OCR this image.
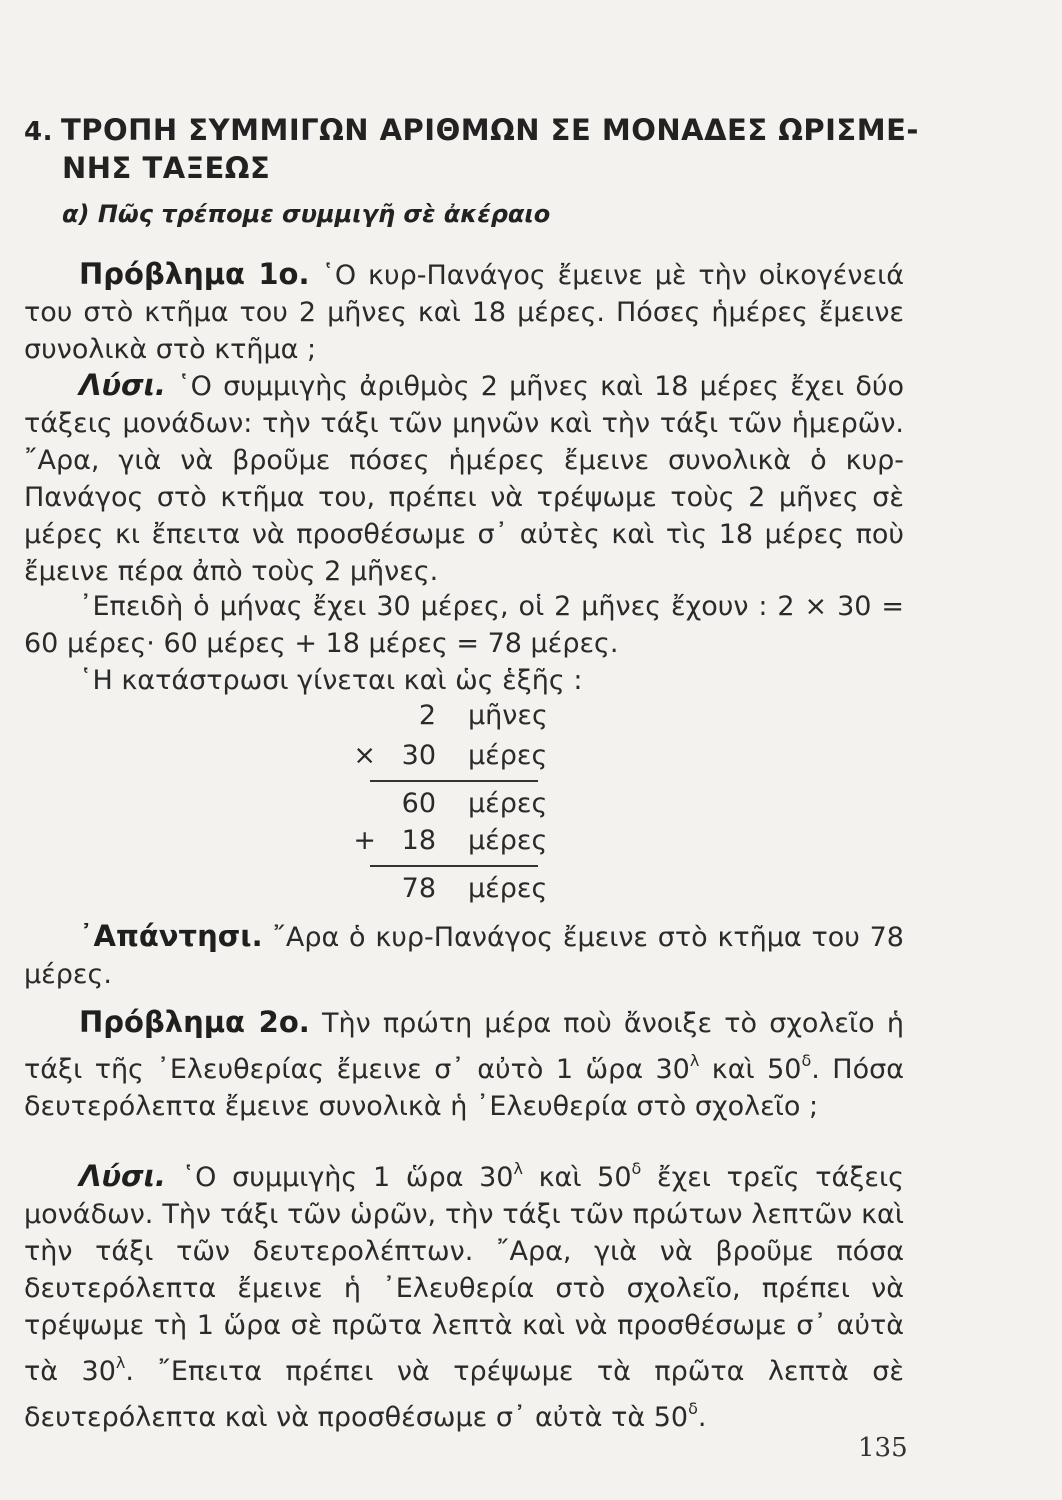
4. ΤΡΟΠΗ ΣΥΜΜΙΓΩΝ ΑΡΙΘΜΩΝ ΣΕ ΜΟΝΑΔΕΣ ΩΡΙΣΜΕ-
ΝΗΣ ΤΑΞΕΩΣ
α) Πῶς τρέπομε συμμιγῆ σὲ ἀκέραιο
Πρόβλημα 1ο. ῾Ο κυρ-Πανάγος ἔμεινε μὲ τὴν οἰκογένειά του στὸ κτῆμα του 2 μῆνες καὶ 18 μέρες. Πόσες ἡμέρες ἔμεινε συνολικὰ στὸ κτῆμα ;
Λύσι. ῾Ο συμμιγὴς ἀριθμὸς 2 μῆνες καὶ 18 μέρες ἔχει δύο τάξεις μονάδων: τὴν τάξι τῶν μηνῶν καὶ τὴν τάξι τῶν ἡμερῶν. ῎Αρα, γιὰ νὰ βροῦμε πόσες ἡμέρες ἔμεινε συνολικὰ ὁ κυρ-Πανάγος στὸ κτῆμα του, πρέπει νὰ τρέψωμε τοὺς 2 μῆνες σὲ μέρες κι ἔπειτα νὰ προσθέσωμε σ᾿ αὐτὲς καὶ τὶς 18 μέρες ποὺ ἔμεινε πέρα ἀπὸ τοὺς 2 μῆνες.
᾿Επειδὴ ὁ μήνας ἔχει 30 μέρες, οἱ 2 μῆνες ἔχουν : 2 × 30 = 60 μέρες· 60 μέρες + 18 μέρες = 78 μέρες.
῾Η κατάστρωσι γίνεται καὶ ὡς ἑξῆς :
2 μῆνες
× 30 μέρες
60 μέρες
+ 18 μέρες
78 μέρες
᾿Απάντησι. ῎Αρα ὁ κυρ-Πανάγος ἔμεινε στὸ κτῆμα του 78 μέρες.
Πρόβλημα 2ο. Τὴν πρώτη μέρα ποὺ ἄνοιξε τὸ σχολεῖο ἡ τάξι τῆς ᾿Ελευθερίας ἔμεινε σ᾿ αὐτὸ 1 ὥρα $30^\lambda$ καὶ $50^\delta$. Πόσα δευτερόλεπτα ἔμεινε συνολικὰ ἡ ᾿Ελευθερία στὸ σχολεῖο ;
Λύσι. ῾Ο συμμιγὴς 1 ὥρα $30^\lambda$ καὶ $50^\delta$ ἔχει τρεῖς τάξεις μονάδων. Τὴν τάξι τῶν ὡρῶν, τὴν τάξι τῶν πρώτων λεπτῶν καὶ τὴν τάξι τῶν δευτερολέπτων. ῎Αρα, γιὰ νὰ βροῦμε πόσα δευτερόλεπτα ἔμεινε ἡ ᾿Ελευθερία στὸ σχολεῖο, πρέπει νὰ τρέψωμε τὴ 1 ὥρα σὲ πρῶτα λεπτὰ καὶ νὰ προσθέσωμε σ᾿ αὐτὰ τὰ $30^\lambda$. ῎Επειτα πρέπει νὰ τρέψωμε τὰ πρῶτα λεπτὰ σὲ δευτερόλεπτα καὶ νὰ προσθέσωμε σ᾿ αὐτὰ τὰ $50^\delta$.
135
